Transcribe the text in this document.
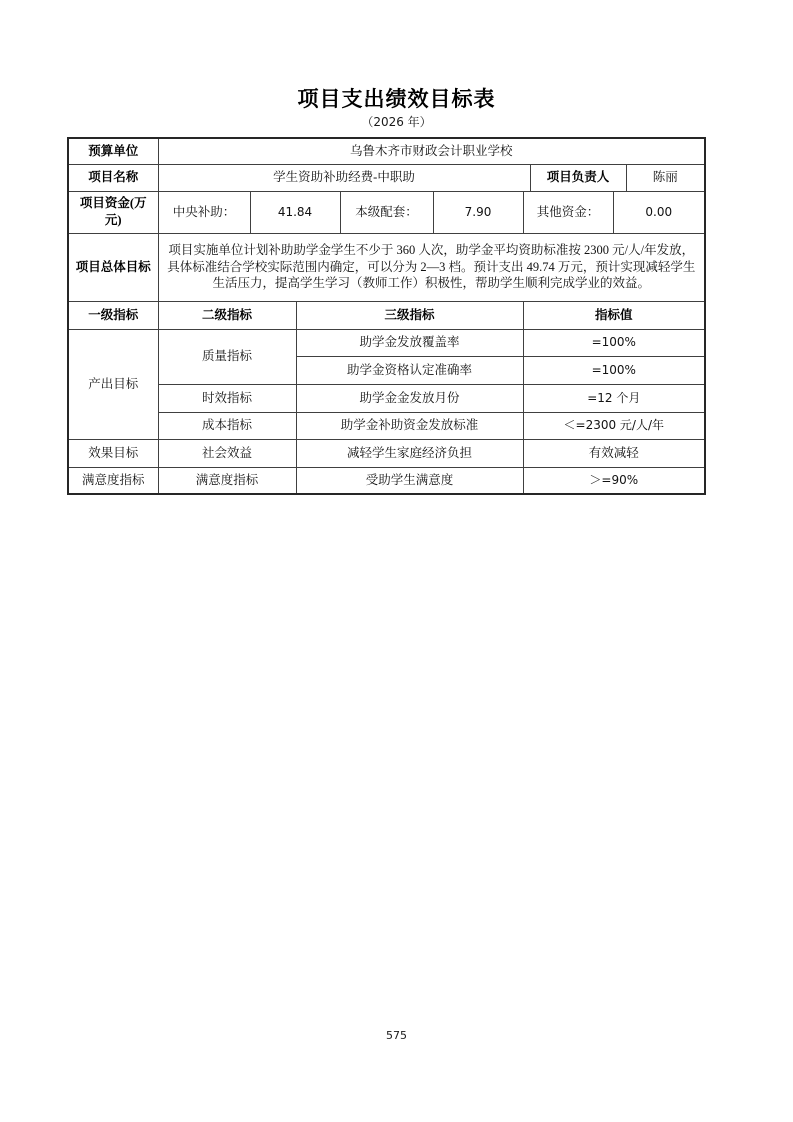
项目支出绩效目标表
（2026 年）
预算单位	乌鲁木齐市财政会计职业学校								
项目名称	学生资助补助经费-中职助						项目负责人		陈丽
项目资金(万元)	中央补助：	41.84		本级配套：	7.90	其他资金：		0.00	
项目总体目标	项目实施单位计划补助助学金学生不少于 360 人次，助学金平均资助标准按 2300 元/人/年发放，具体标准结合学校实际范围内确定，可以分为 2—3 档。预计支出 49.74 万元，预计实现减轻学生生活压力，提高学生学习（教师工作）积极性，帮助学生顺利完成学业的效益。								
一级指标	二级指标		三级指标			指标值			
产出目标	质量指标		助学金发放覆盖率			=100%			
			助学金资格认定准确率			=100%			
	时效指标		助学金金发放月份			=12 个月			
	成本指标		助学金补助资金发放标准			＜=2300 元/人/年			
效果目标	社会效益		减轻学生家庭经济负担			有效减轻			
满意度指标	满意度指标		受助学生满意度			＞=90%			
575
